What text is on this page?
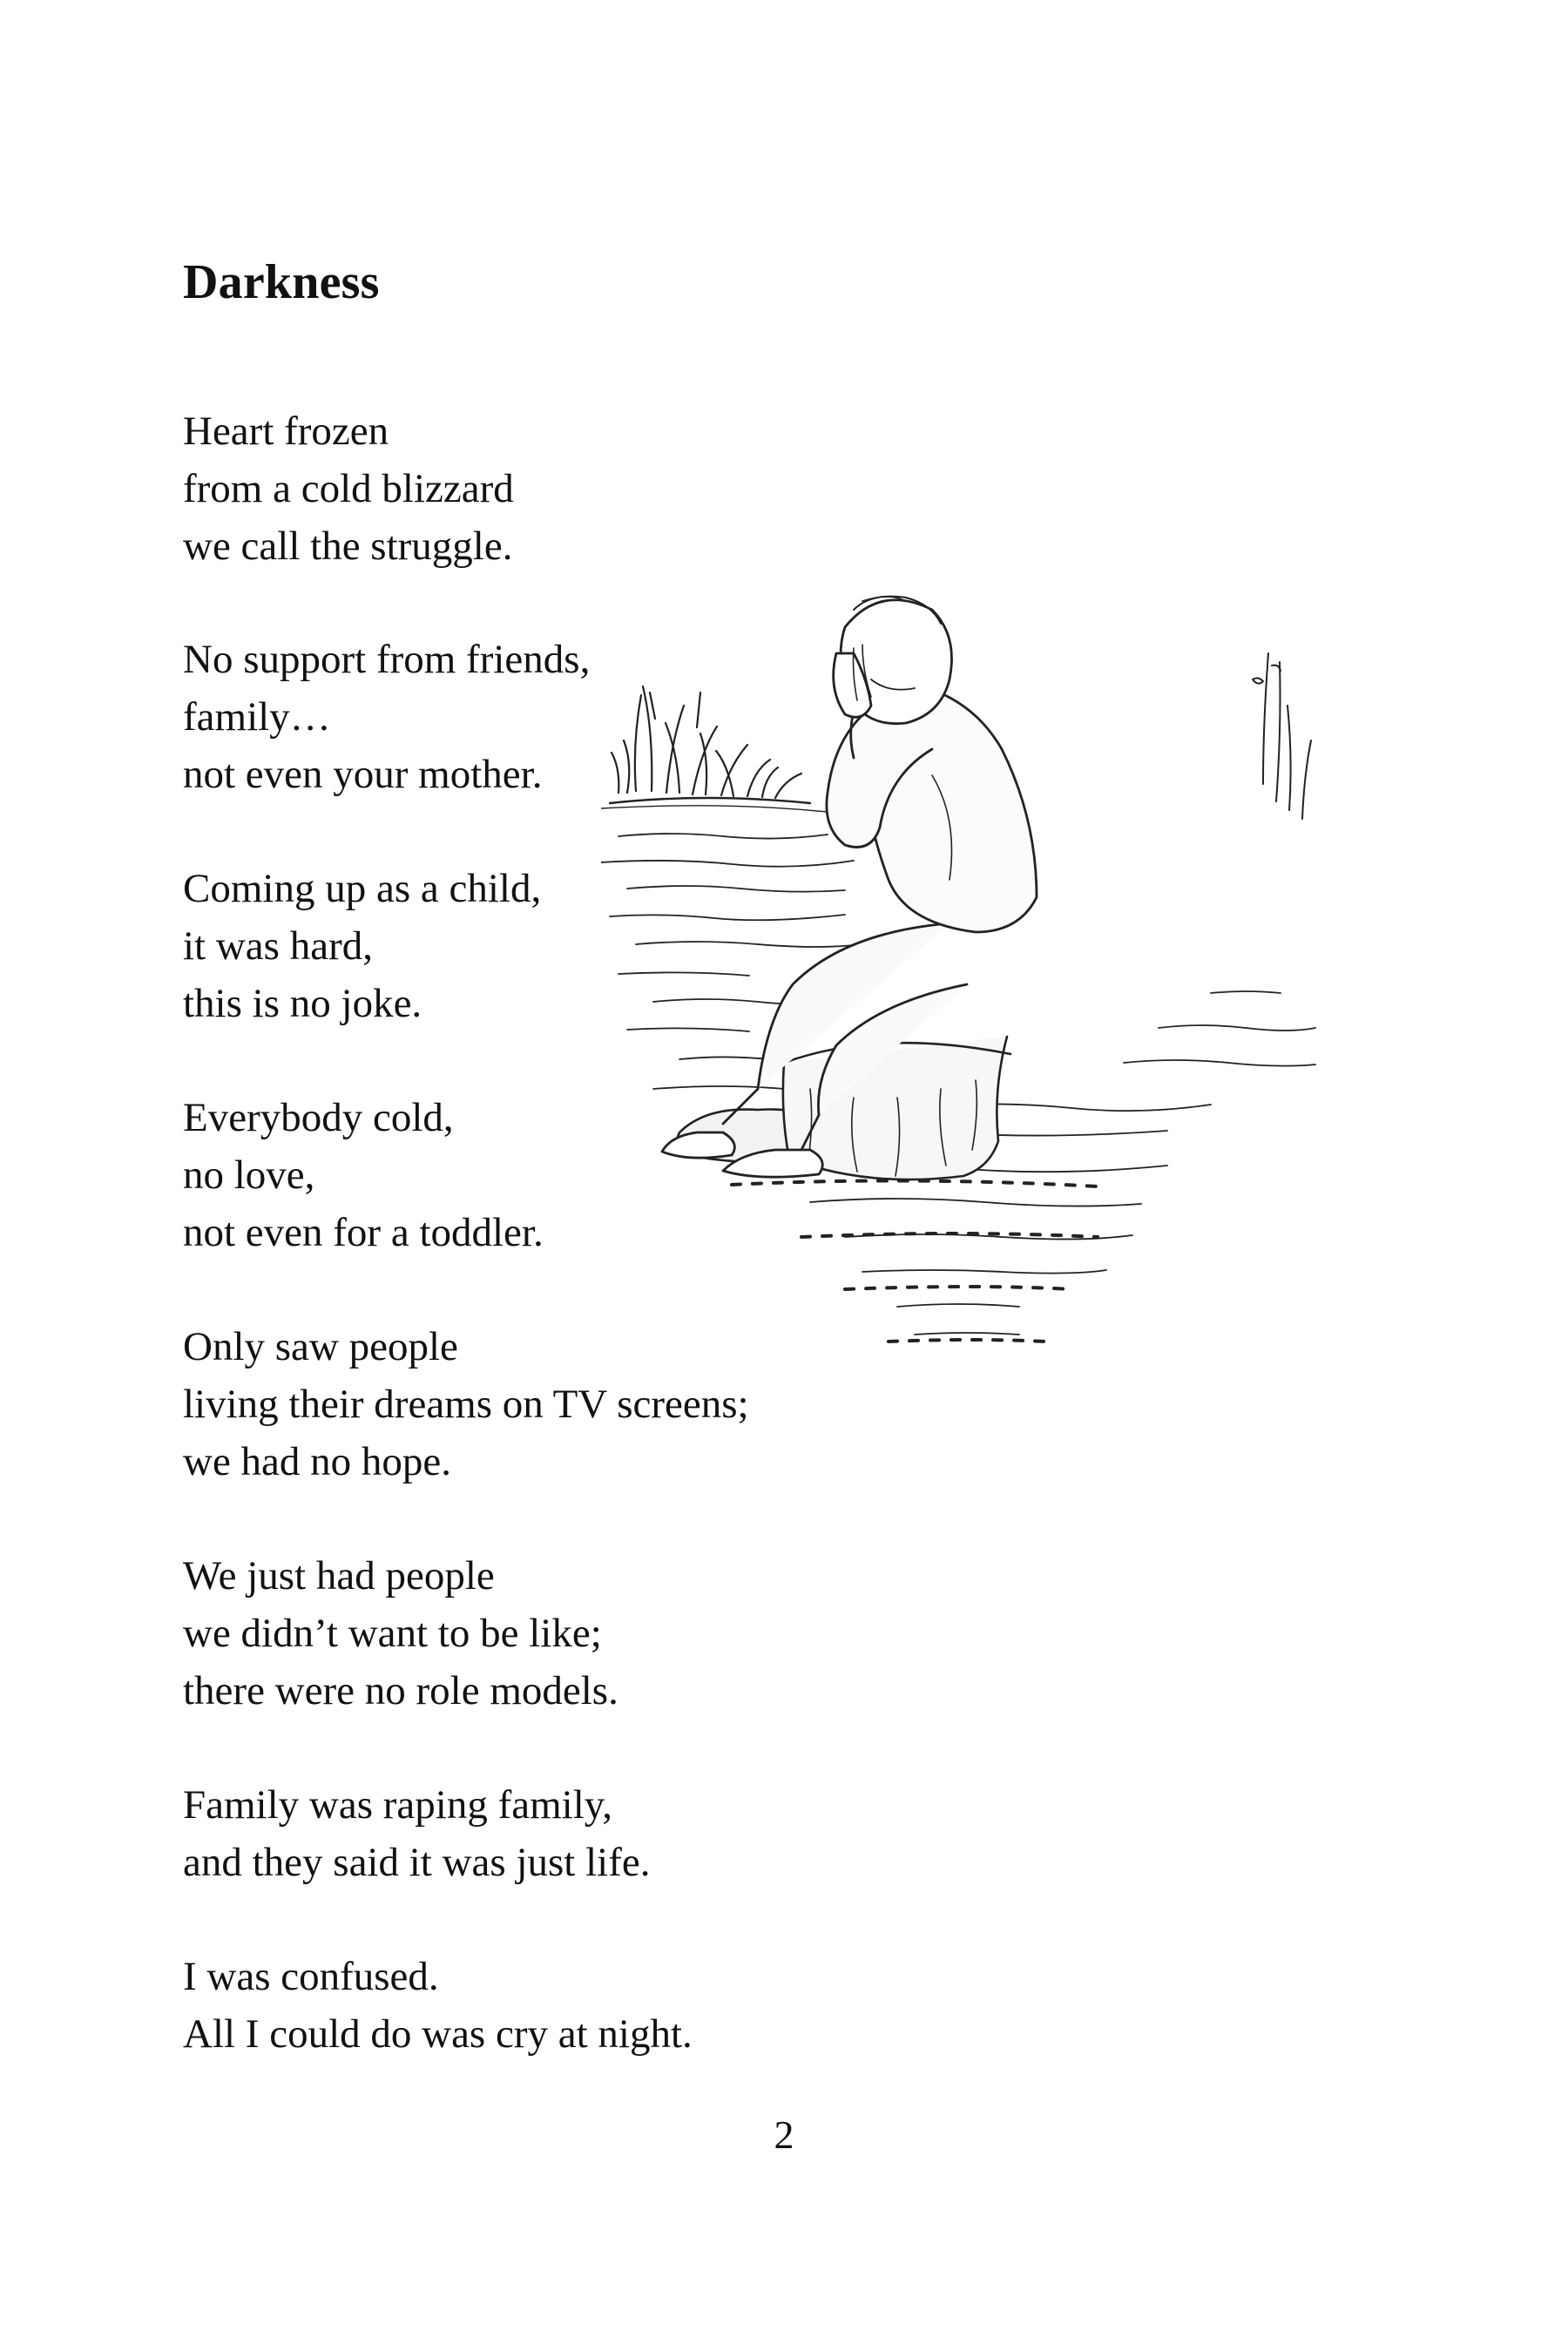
Darkness
Heart frozen
from a cold blizzard
we call the struggle.
No support from friends,
family…
not even your mother.
Coming up as a child,
it was hard,
this is no joke.
Everybody cold,
no love,
not even for a toddler.
Only saw people
living their dreams on TV screens;
we had no hope.
We just had people
we didn’t want to be like;
there were no role models.
Family was raping family,
and they said it was just life.
I was confused.
All I could do was cry at night.
2
